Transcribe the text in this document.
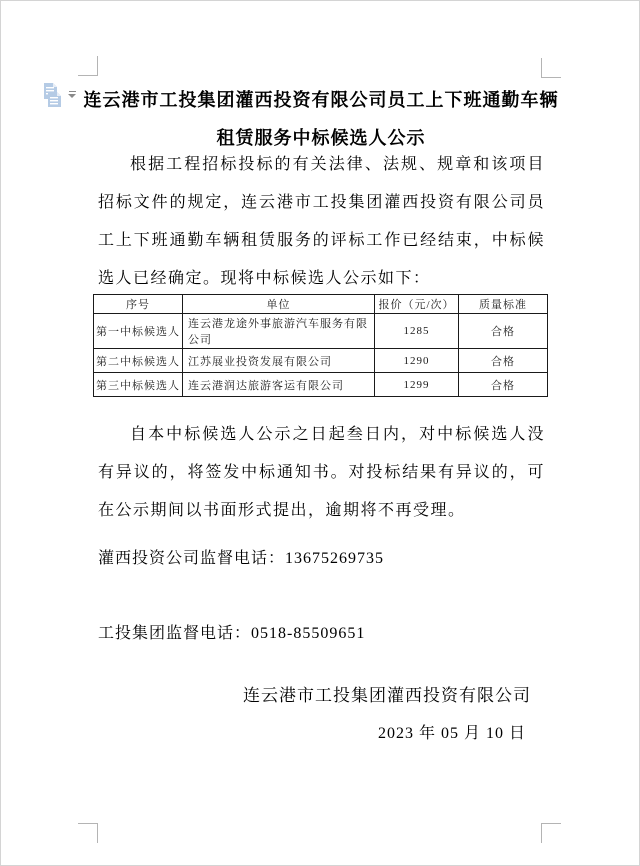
连云港市工投集团灌西投资有限公司员工上下班通勤车辆
租赁服务中标候选人公示

根据工程招标投标的有关法律、法规、规章和该项目招标文件的规定，连云港市工投集团灌西投资有限公司员工上下班通勤车辆租赁服务的评标工作已经结束，中标候选人已经确定。现将中标候选人公示如下：

序号	单位	报价（元/次）	质量标准
第一中标候选人	连云港龙途外事旅游汽车服务有限公司	1285	合格
第二中标候选人	江苏展业投资发展有限公司	1290	合格
第三中标候选人	连云港润达旅游客运有限公司	1299	合格

自本中标候选人公示之日起叁日内，对中标候选人没有异议的，将签发中标通知书。对投标结果有异议的，可在公示期间以书面形式提出，逾期将不再受理。

灌西投资公司监督电话：13675269735

工投集团监督电话：0518-85509651

连云港市工投集团灌西投资有限公司
2023 年 05 月 10 日
